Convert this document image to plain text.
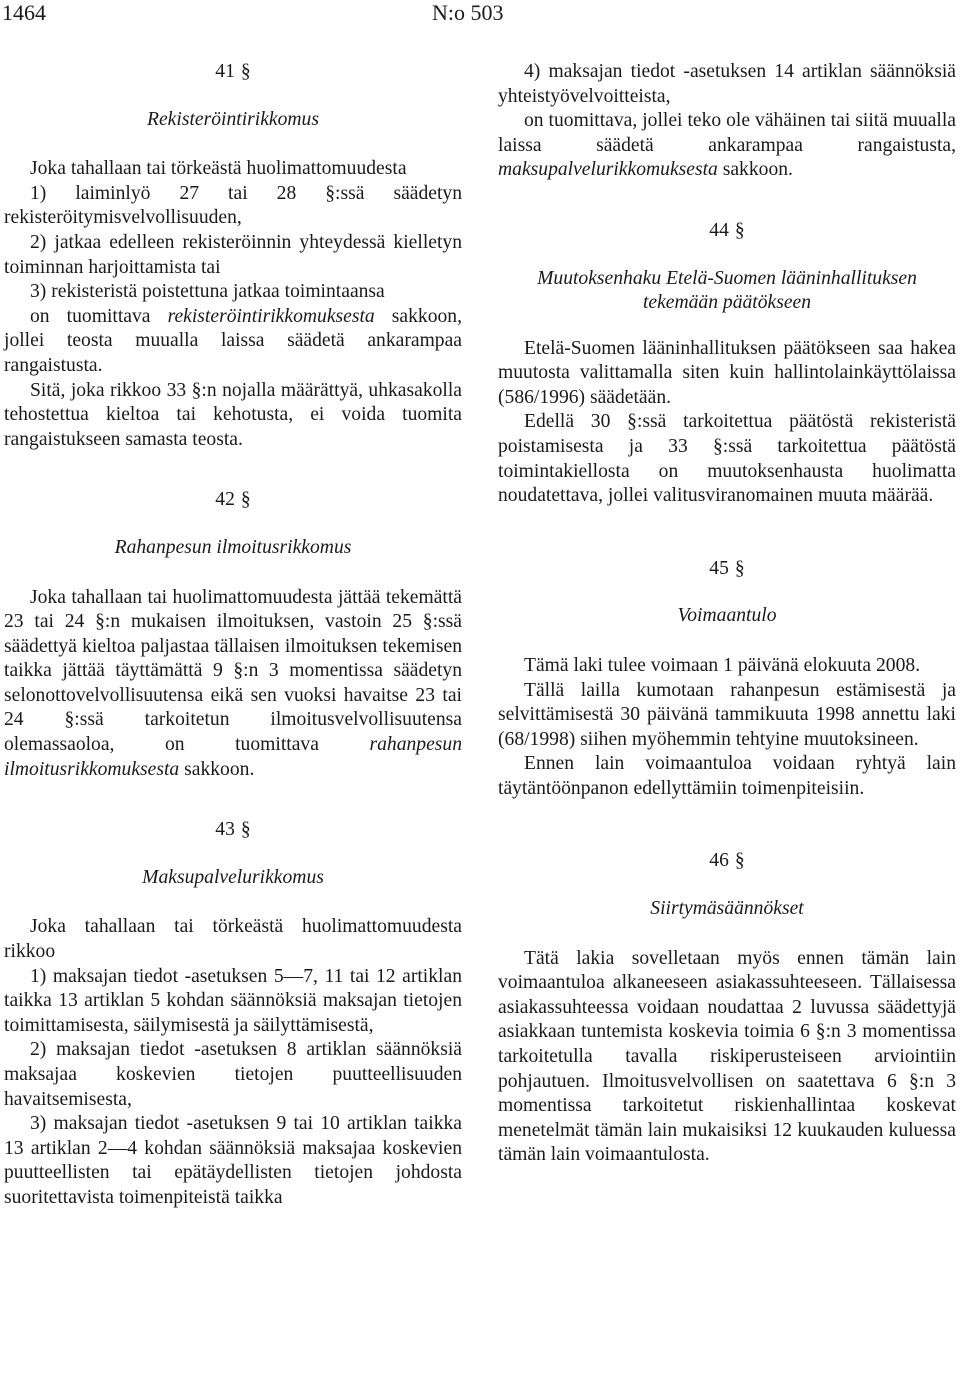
1464	N:o 503
41 §
Rekisteröintirikkomus

Joka tahallaan tai törkeästä huolimattomuudesta

1) laiminlyö 27 tai 28 §:ssä säädetyn rekisteröitymisvelvollisuuden,

2) jatkaa edelleen rekisteröinnin yhteydessä kielletyn toiminnan harjoittamista tai

3) rekisteristä poistettuna jatkaa toimintaansa

on tuomittava rekisteröintirikkomuksesta sakkoon, jollei teosta muualla laissa säädetä ankarampaa rangaistusta.

Sitä, joka rikkoo 33 §:n nojalla määrättyä, uhkasakolla tehostettua kieltoa tai kehotusta, ei voida tuomita rangaistukseen samasta teosta.

42 §
Rahanpesun ilmoitusrikkomus

Joka tahallaan tai huolimattomuudesta jättää tekemättä 23 tai 24 §:n mukaisen ilmoituksen, vastoin 25 §:ssä säädettyä kieltoa paljastaa tällaisen ilmoituksen tekemisen taikka jättää täyttämättä 9 §:n 3 momentissa säädetyn selonottovelvollisuutensa eikä sen vuoksi havaitse 23 tai 24 §:ssä tarkoitetun ilmoitusvelvollisuutensa olemassaoloa, on tuomittava	rahanpesun ilmoitusrikkomuksesta sakkoon.

43 §
Maksupalvelurikkomus

Joka tahallaan tai törkeästä huolimattomuudesta rikkoo

1) maksajan tiedot -asetuksen 5—7, 11 tai 12 artiklan taikka 13 artiklan 5 kohdan säännöksiä maksajan tietojen toimittamisesta, säilymisestä ja säilyttämisestä,

2) maksajan tiedot -asetuksen 8 artiklan säännöksiä maksajaa koskevien tietojen puutteellisuuden havaitsemisesta,

3) maksajan tiedot -asetuksen 9 tai 10 artiklan taikka 13 artiklan 2—4 kohdan säännöksiä maksajaa koskevien puutteellisten tai epätäydellisten tietojen johdosta suoritettavista toimenpiteistä taikka

4) maksajan tiedot -asetuksen 14 artiklan säännöksiä yhteistyövelvoitteista,

on tuomittava, jollei teko ole vähäinen tai siitä muualla laissa säädetä ankarampaa rangaistusta, maksupalvelurikkomuksesta sakkoon.

44 §
Muutoksenhaku Etelä-Suomen lääninhallituksen tekemään päätökseen

Etelä-Suomen lääninhallituksen päätökseen saa hakea muutosta valittamalla siten kuin hallintolainkäyttölaissa (586/1996) säädetään.

Edellä 30 §:ssä tarkoitettua päätöstä rekisteristä poistamisesta ja 33 §:ssä tarkoitettua päätöstä toimintakiellosta on muutoksenhausta huolimatta noudatettava, jollei valitusviranomainen muuta määrää.

45 §
Voimaantulo

Tämä laki tulee voimaan 1 päivänä elokuuta 2008.

Tällä lailla kumotaan rahanpesun estämisestä ja selvittämisestä 30 päivänä tammikuuta 1998 annettu laki (68/1998) siihen myöhemmin tehtyine muutoksineen.

Ennen lain voimaantuloa voidaan ryhtyä lain täytäntöönpanon edellyttämiin toimenpiteisiin.

46 §
Siirtymäsäännökset

Tätä lakia sovelletaan myös ennen tämän lain voimaantuloa alkaneeseen asiakassuhteeseen. Tällaisessa asiakassuhteessa voidaan noudattaa 2 luvussa säädettyjä asiakkaan tuntemista koskevia toimia 6 §:n 3 momentissa tarkoitetulla tavalla riskiperusteiseen arviointiin pohjautuen. Ilmoitusvelvollisen on saatettava 6 §:n 3 momentissa tarkoitetut riskienhallintaa koskevat menetelmät tämän lain mukaisiksi 12 kuukauden kuluessa tämän lain voimaantulosta.
